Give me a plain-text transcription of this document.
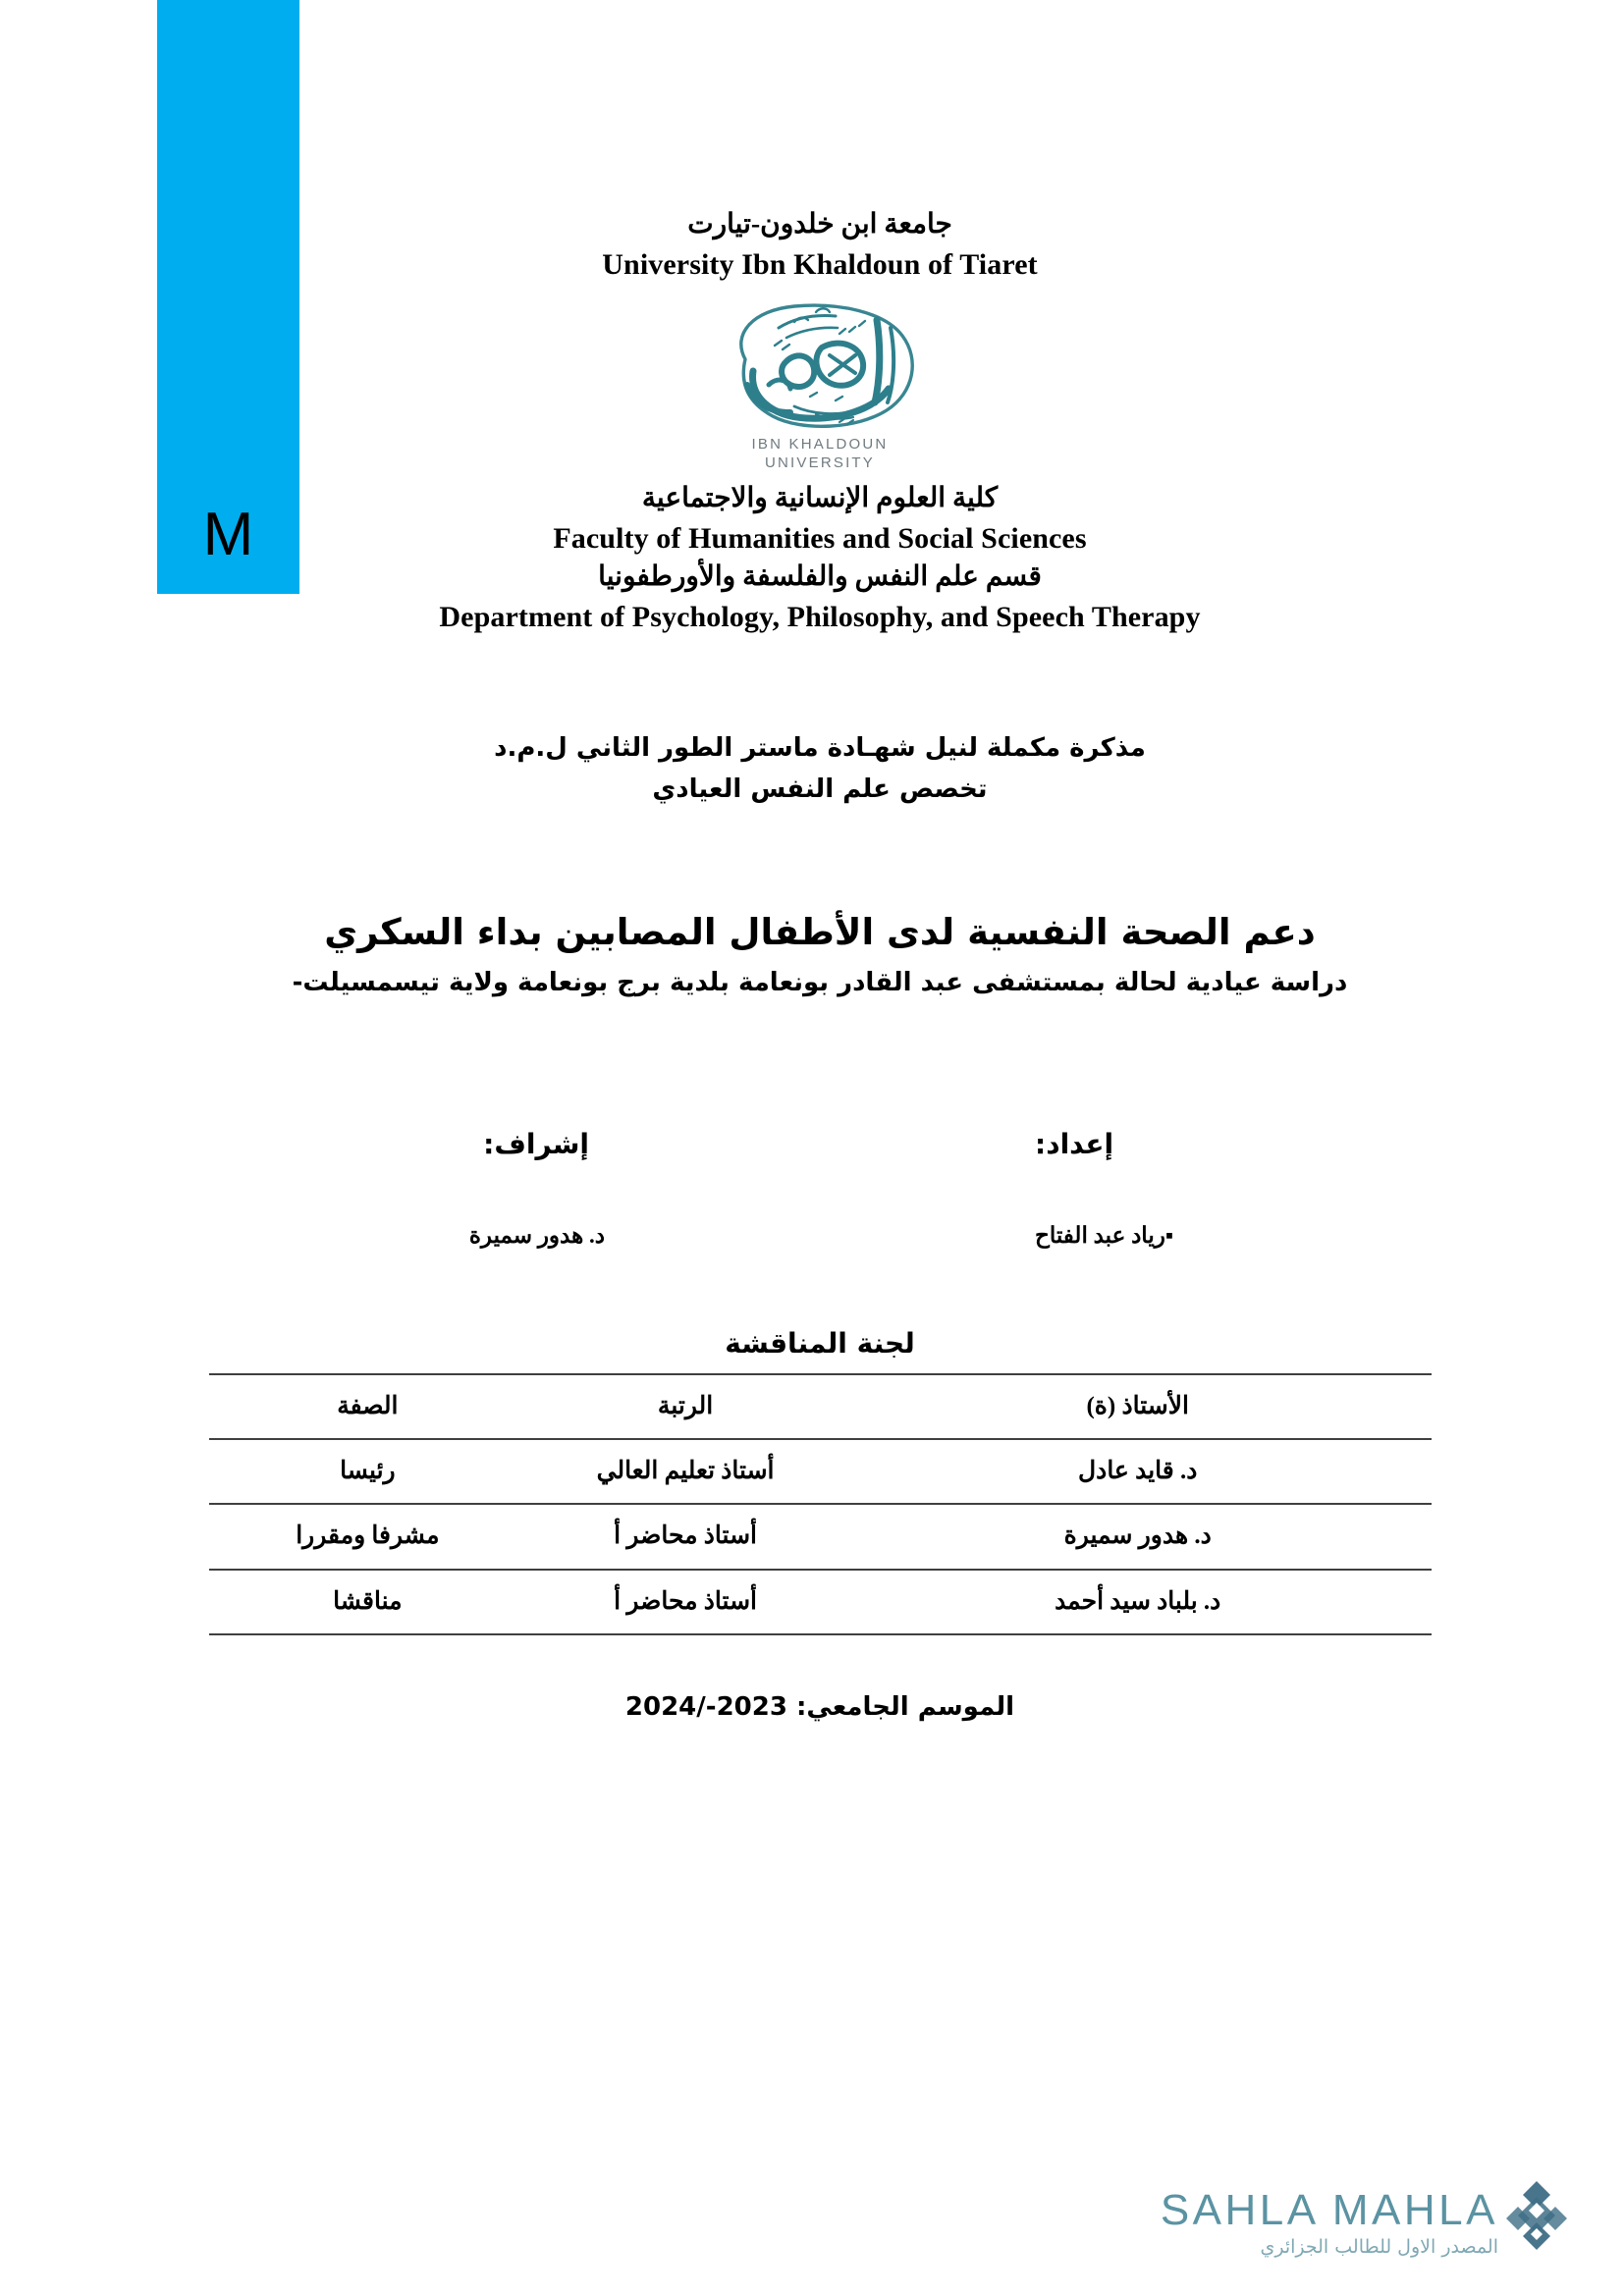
M
جامعة ابن خلدون-تيارت
University Ibn Khaldoun of Tiaret
IBN KHALDOUN
UNIVERSITY
كلية العلوم الإنسانية والاجتماعية
Faculty of Humanities and Social Sciences
قسم علم النفس والفلسفة والأورطفونيا
Department of Psychology, Philosophy, and Speech Therapy
مذكرة مكملة لنيل شهـادة ماستر الطور الثاني ل.م.د
تخصص علم النفس العيادي
دعم الصحة النفسية لدى الأطفال المصابين بداء السكري
دراسة عيادية لحالة بمستشفى عبد القادر بونعامة بلدية برج بونعامة ولاية تيسمسيلت-
إعداد:
▪رياد عبد الفتاح
إشراف:
د. هدور سميرة
لجنة المناقشة
الأستاذ (ة)	الرتبة	الصفة
د. قايد عادل	أستاذ تعليم العالي	رئيسا
د. هدور سميرة	أستاذ محاضر أ	مشرفا ومقررا
د. بلباد سيد أحمد	أستاذ محاضر أ	مناقشا
الموسم الجامعي: 2023-/2024
SAHLA MAHLA
المصدر الاول للطالب الجزائري
